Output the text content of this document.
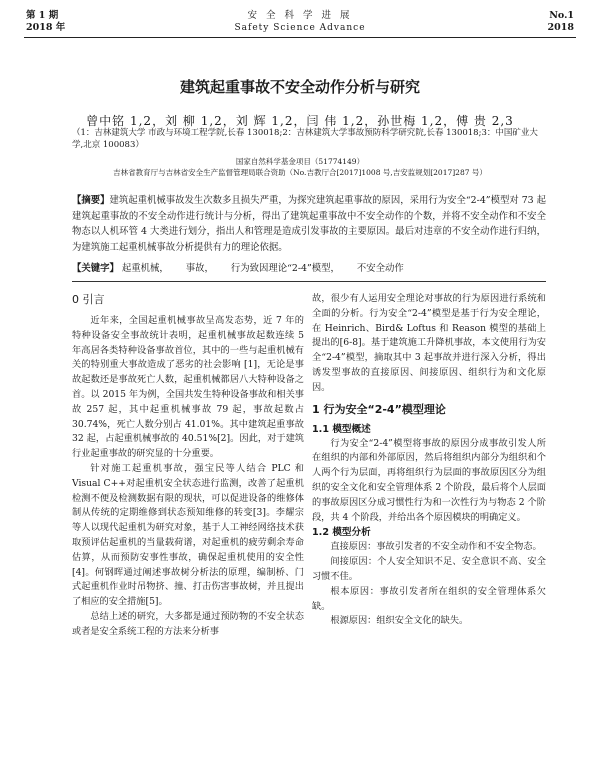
第 1 期
2018 年
安 全 科 学 进 展
Safety Science Advance
No.1
2018
建筑起重事故不安全动作分析与研究
曾中铭 1,2，刘 柳 1,2，刘 辉 1,2，闫 伟 1,2，孙世梅 1,2，傅 贵 2,3
（1：吉林建筑大学 市政与环境工程学院,长春 130018;2：吉林建筑大学事故预防科学研究院,长春 130018;3：中国矿业大学,北京 100083）
国家自然科学基金项目（51774149）
吉林省教育厅与吉林省安全生产监督管理局联合资助（No.吉教厅合[2017]1008 号,吉安监规划[2017]287 号）
【摘要】建筑起重机械事故发生次数多且损失严重，为探究建筑起重事故的原因，采用行为安全“2-4”模型对 73 起建筑起重事故的不安全动作进行统计与分析，得出了建筑起重事故中不安全动作的个数，并将不安全动作和不安全物态以人机环管 4 大类进行划分，指出人和管理是造成引发事故的主要原因。最后对违章的不安全动作进行归纳，为建筑施工起重机械事故分析提供有力的理论依据。
【关键字】 起重机械， 事故， 行为致因理论“2-4”模型， 不安全动作
0 引言

近年来，全国起重机械事故呈高发态势，近 7 年的特种设备安全事故统计表明，起重机械事故起数连续 5 年高居各类特种设备事故首位，其中的一些与起重机械有关的特别重大事故造成了恶劣的社会影响 [1]，无论是事故起数还是事故死亡人数，起重机械都居八大特种设备之首。以 2015 年为例，全国共发生特种设备事故和相关事故 257 起，其中起重机械事故 79 起，事故起数占 30.74%，死亡人数分别占 41.01%。其中建筑起重事故 32 起，占起重机械事故的 40.51%[2]。因此，对于建筑行业起重事故的研究显的十分重要。

针对施工起重机事故，强宝民等人结合 PLC 和 Visual C++对起重机安全状态进行监测，改善了起重机检测不便及检测数据有限的现状，可以促进设备的维修体制从传统的定期维修到状态预知维修的转变[3]。李耀宗等人以现代起重机为研究对象，基于人工神经网络技术获取预评估起重机的当量载荷谱，对起重机的疲劳剩余寿命估算，从而预防安事性事故，确保起重机使用的安全性[4]。何钢晖通过阐述事故树分析法的原理，编制桥、门式起重机作业时吊物挤、撞、打击伤害事故树，并且提出了相应的安全措施[5]。

总结上述的研究，大多都是通过预防物的不安全状态或者是安全系统工程的方法来分析事

故，很少有人运用安全理论对事故的行为原因进行系统和全面的分析。行为安全“2-4”模型是基于行为安全理论，在 Heinrich、Bird& Loftus 和 Reason 模型的基础上提出的[6-8]。基于建筑施工升降机事故，本文使用行为安全“2-4”模型，摘取其中 3 起事故并进行深入分析，得出诱发型事故的直接原因、间接原因、组织行为和文化原因。

1 行为安全“2-4”模型理论

1.1 模型概述

行为安全“2-4”模型将事故的原因分成事故引发人所在组织的内部和外部原因，然后将组织内部分为组织和个人两个行为层面，再将组织行为层面的事故原因区分为组织的安全文化和安全管理体系 2 个阶段，最后将个人层面的事故原因区分成习惯性行为和一次性行为与物态 2 个阶段，共 4 个阶段，并给出各个原因模块的明确定义。

1.2 模型分析

直接原因：事故引发者的不安全动作和不安全物态。

间接原因：个人安全知识不足、安全意识不高、安全习惯不佳。

根本原因：事故引发者所在组织的安全管理体系欠缺。

根源原因：组织安全文化的缺失。
